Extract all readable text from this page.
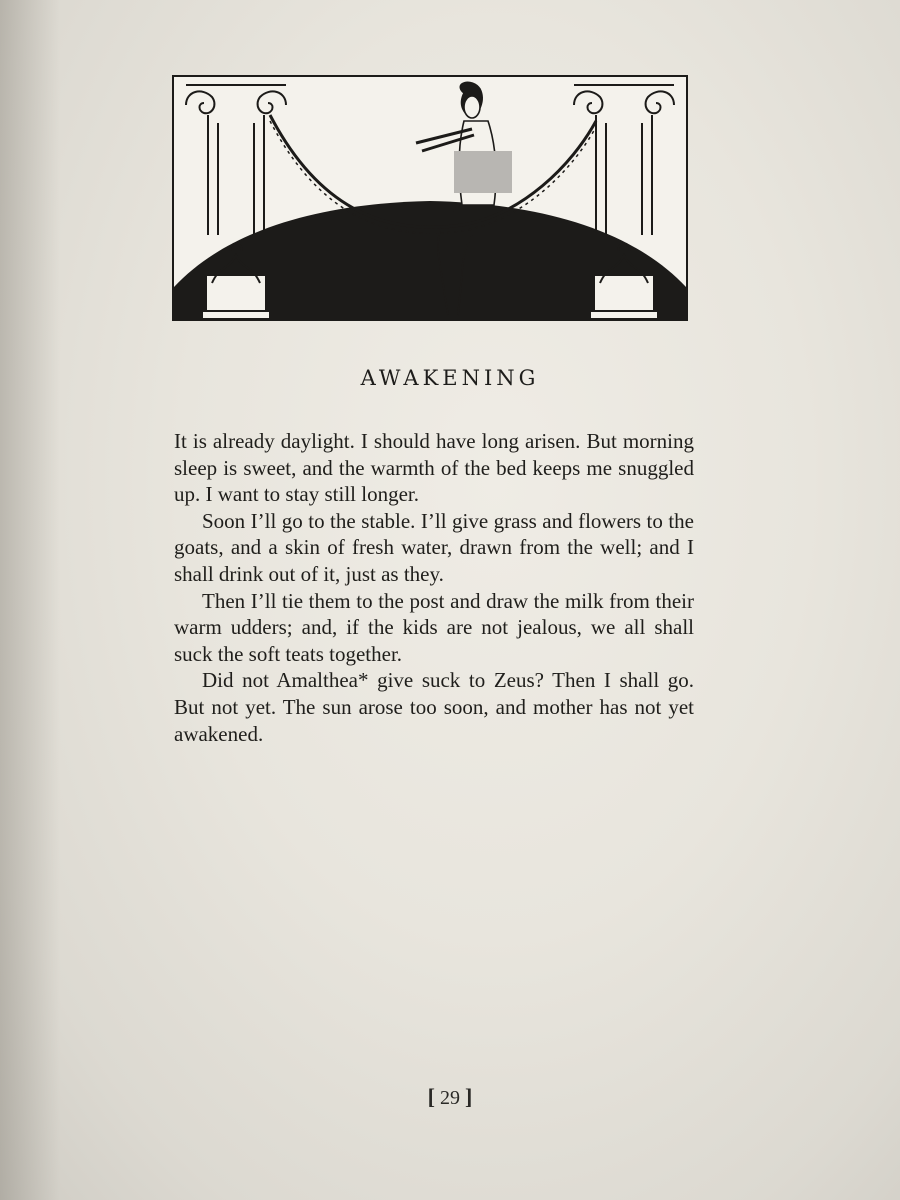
AWAKENING

It is already daylight. I should have long arisen. But morning sleep is sweet, and the warmth of the bed keeps me snuggled up. I want to stay still longer.

Soon I’ll go to the stable. I’ll give grass and flowers to the goats, and a skin of fresh water, drawn from the well; and I shall drink out of it, just as they.

Then I’ll tie them to the post and draw the milk from their warm udders; and, if the kids are not jealous, we all shall suck the soft teats together.

Did not Amalthea* give suck to Zeus? Then I shall go. But not yet. The sun arose too soon, and mother has not yet awakened.

[ 29 ]
